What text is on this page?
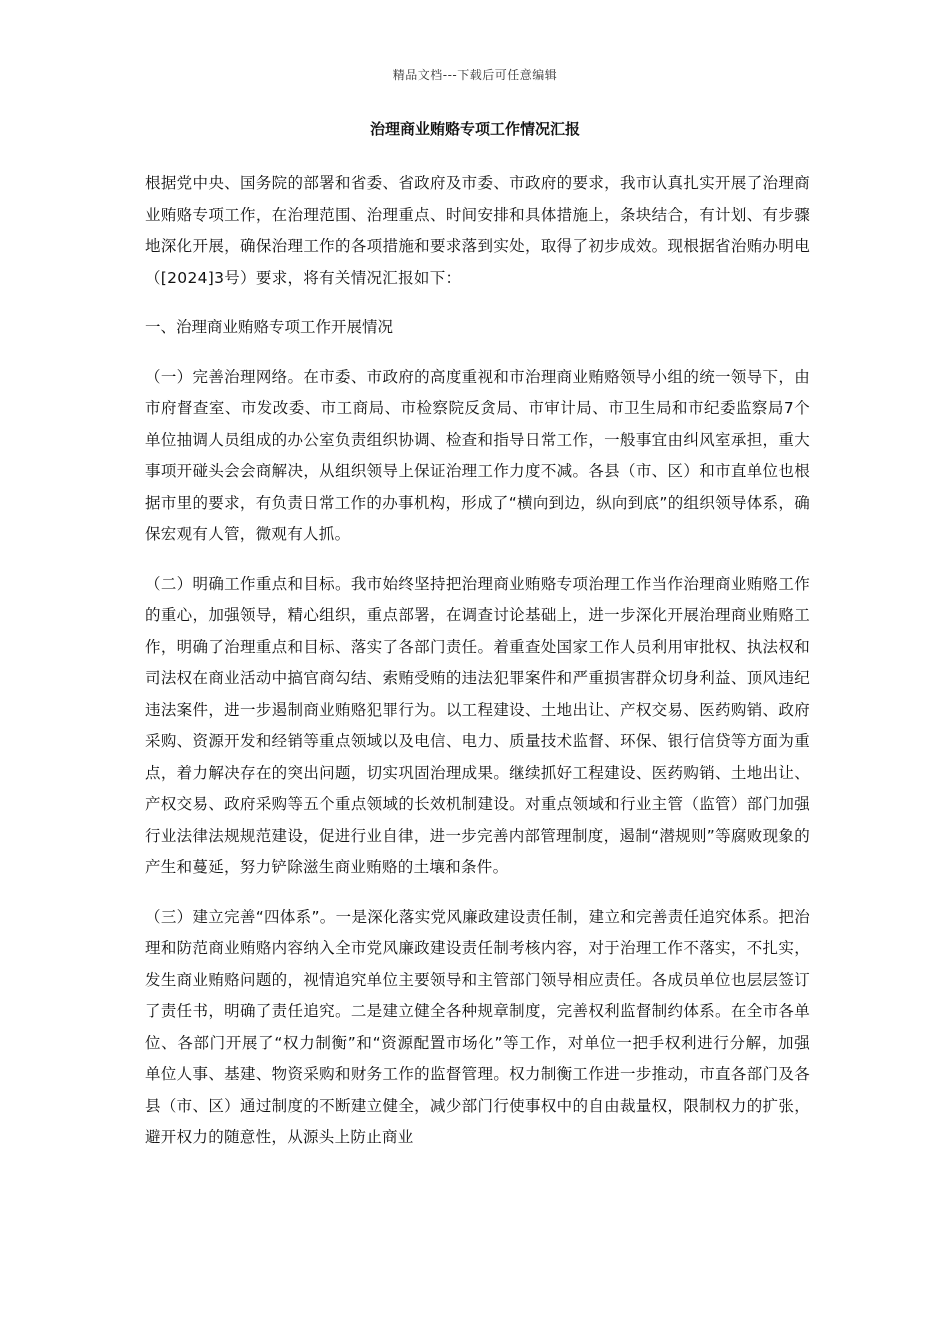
精品文档---下载后可任意编辑
治理商业贿赂专项工作情况汇报

根据党中央、国务院的部署和省委、省政府及市委、市政府的要求，我市认真扎实开展了治理商业贿赂专项工作，在治理范围、治理重点、时间安排和具体措施上，条块结合，有计划、有步骤地深化开展，确保治理工作的各项措施和要求落到实处，取得了初步成效。现根据省治贿办明电（[2024]3号）要求，将有关情况汇报如下：

一、治理商业贿赂专项工作开展情况

（一）完善治理网络。在市委、市政府的高度重视和市治理商业贿赂领导小组的统一领导下，由市府督查室、市发改委、市工商局、市检察院反贪局、市审计局、市卫生局和市纪委监察局7个单位抽调人员组成的办公室负责组织协调、检查和指导日常工作，一般事宜由纠风室承担，重大事项开碰头会会商解决，从组织领导上保证治理工作力度不减。各县（市、区）和市直单位也根据市里的要求，有负责日常工作的办事机构，形成了“横向到边，纵向到底”的组织领导体系，确保宏观有人管，微观有人抓。

（二）明确工作重点和目标。我市始终坚持把治理商业贿赂专项治理工作当作治理商业贿赂工作的重心，加强领导，精心组织，重点部署，在调查讨论基础上，进一步深化开展治理商业贿赂工作，明确了治理重点和目标、落实了各部门责任。着重查处国家工作人员利用审批权、执法权和司法权在商业活动中搞官商勾结、索贿受贿的违法犯罪案件和严重损害群众切身利益、顶风违纪违法案件，进一步遏制商业贿赂犯罪行为。以工程建设、土地出让、产权交易、医药购销、政府采购、资源开发和经销等重点领域以及电信、电力、质量技术监督、环保、银行信贷等方面为重点，着力解决存在的突出问题，切实巩固治理成果。继续抓好工程建设、医药购销、土地出让、产权交易、政府采购等五个重点领域的长效机制建设。对重点领域和行业主管（监管）部门加强行业法律法规规范建设，促进行业自律，进一步完善内部管理制度，遏制“潜规则”等腐败现象的产生和蔓延，努力铲除滋生商业贿赂的土壤和条件。

（三）建立完善“四体系”。一是深化落实党风廉政建设责任制，建立和完善责任追究体系。把治理和防范商业贿赂内容纳入全市党风廉政建设责任制考核内容，对于治理工作不落实，不扎实，发生商业贿赂问题的，视情追究单位主要领导和主管部门领导相应责任。各成员单位也层层签订了责任书，明确了责任追究。二是建立健全各种规章制度，完善权利监督制约体系。在全市各单位、各部门开展了“权力制衡”和“资源配置市场化”等工作，对单位一把手权利进行分解，加强单位人事、基建、物资采购和财务工作的监督管理。权力制衡工作进一步推动，市直各部门及各县（市、区）通过制度的不断建立健全，减少部门行使事权中的自由裁量权，限制权力的扩张，避开权力的随意性，从源头上防止商业
